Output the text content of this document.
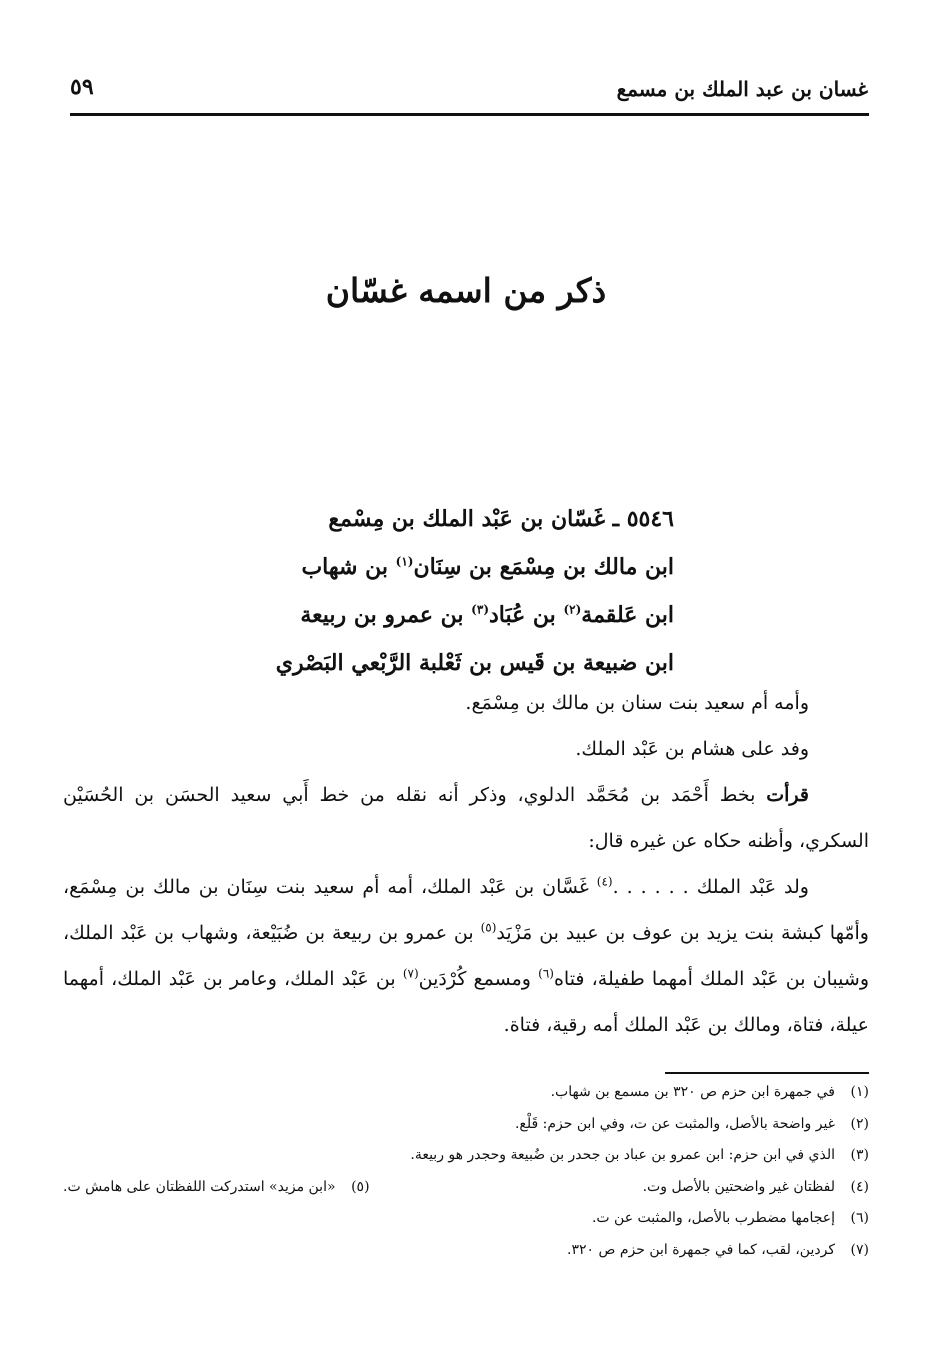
غسان بن عبد الملك بن مسمع
٥٩
ذكر من اسمه غسّان
٥٥٤٦ ـ غَسّان بن عَبْد الملك بن مِسْمع
ابن مالك بن مِسْمَع بن سِنَان$^{(١)}$ بن شهاب
ابن عَلقمة$^{(٢)}$ بن عُبَاد$^{(٣)}$ بن عمرو بن ربيعة
ابن ضبيعة بن قَيس بن ثَعْلبة الرَّبْعي البَصْري

وأمه أم سعيد بنت سنان بن مالك بن مِسْمَع.

وفد على هشام بن عَبْد الملك.

قرأت بخط أَحْمَد بن مُحَمَّد الدلوي، وذكر أنه نقله من خط أَبي سعيد الحسَن بن الحُسَيْن السكري، وأظنه حكاه عن غيره قال:

ولد عَبْد الملك . . . . . .$^{(٤)}$ غَسَّان بن عَبْد الملك، أمه أم سعيد بنت سِنَان بن مالك بن مِسْمَع، وأمّها كبشة بنت يزيد بن عوف بن عبيد بن مَزْيَد$^{(٥)}$ بن عمرو بن ربيعة بن ضُبَيْعة، وشهاب بن عَبْد الملك، وشيبان بن عَبْد الملك أمهما طفيلة، فتاه$^{(٦)}$ ومسمع كُرْدَين$^{(٧)}$ بن عَبْد الملك، وعامر بن عَبْد الملك، أمهما عيلة، فتاة، ومالك بن عَبْد الملك أمه رقية، فتاة.

(١)في جمهرة ابن حزم ص ٣٢٠ بن مسمع بن شهاب.
(٢)غير واضحة بالأصل، والمثبت عن ت، وفي ابن حزم: قَلْع.
(٣)الذي في ابن حزم: ابن عمرو بن عباد بن جحدر بن ضُبيعة وحجدر هو ربيعة.
(٤)لفظتان غير واضحتين بالأصل وت.
(٥)«ابن مزيد» استدركت اللفظتان على هامش ت.
(٦)إعجامها مضطرب بالأصل، والمثبت عن ت.
(٧)كردين، لقب، كما في جمهرة ابن حزم ص ٣٢٠.
